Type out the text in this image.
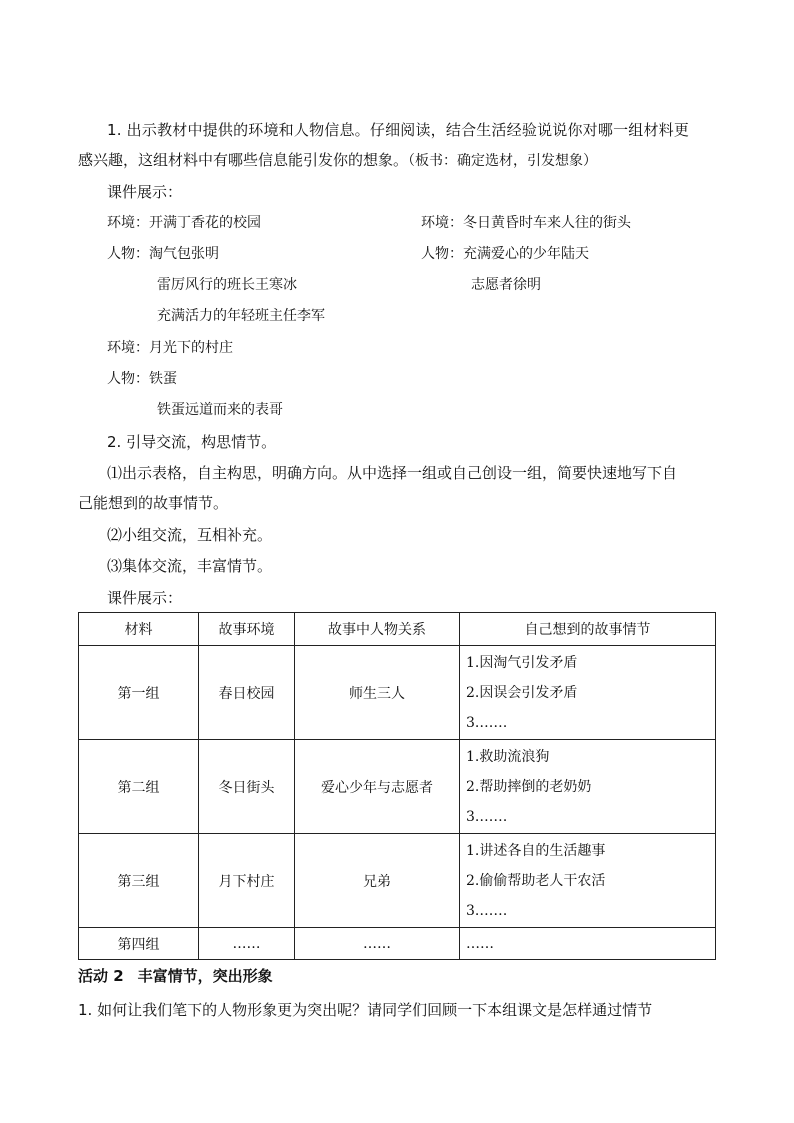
1. 出示教材中提供的环境和人物信息。仔细阅读，结合生活经验说说你对哪一组材料更
感兴趣，这组材料中有哪些信息能引发你的想象。（板书：确定选材，引发想象）
课件展示：
环境：开满丁香花的校园	环境：冬日黄昏时车来人往的街头
人物：淘气包张明	人物：充满爱心的少年陆天
雷厉风行的班长王寒冰	志愿者徐明
充满活力的年轻班主任李军
环境：月光下的村庄
人物：铁蛋
铁蛋远道而来的表哥
2. 引导交流，构思情节。
⑴出示表格，自主构思，明确方向。从中选择一组或自己创设一组，简要快速地写下自
己能想到的故事情节。
⑵小组交流，互相补充。
⑶集体交流，丰富情节。
课件展示：
材料	故事环境	故事中人物关系	自己想到的故事情节
第一组	春日校园	师生三人	1.因淘气引发矛盾
2.因误会引发矛盾
3.……

第二组	冬日街头	爱心少年与志愿者	1.救助流浪狗
2.帮助摔倒的老奶奶
3.……

第三组	月下村庄	兄弟	1.讲述各自的生活趣事
2.偷偷帮助老人干农活
3.……

第四组	……	……	……
活动 2 丰富情节，突出形象
1. 如何让我们笔下的人物形象更为突出呢？请同学们回顾一下本组课文是怎样通过情节
